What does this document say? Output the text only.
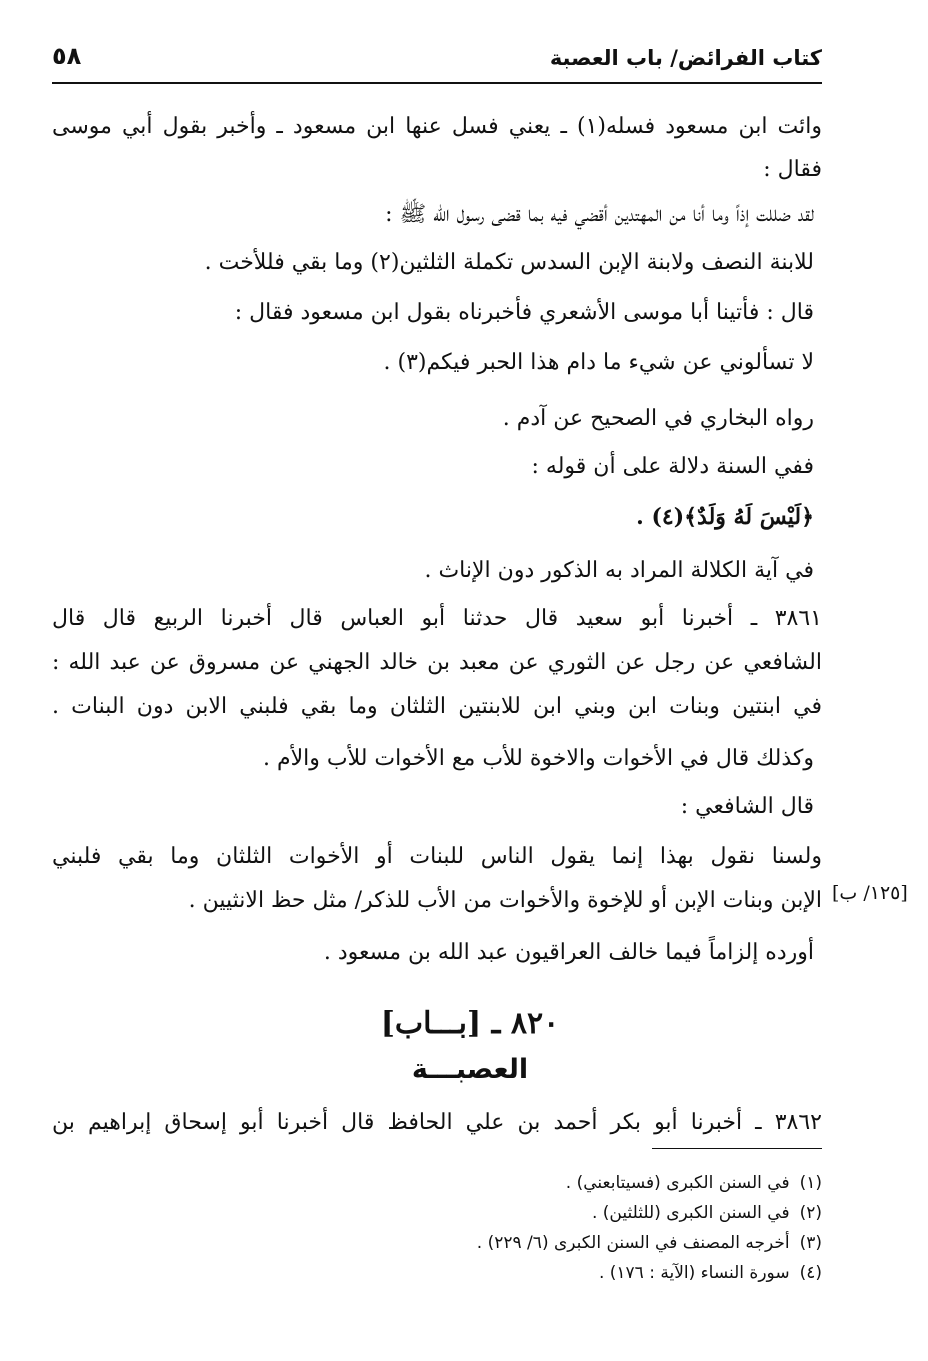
كتاب الفرائض/ باب العصبة
٥٨
وائت ابن مسعود فسله(١) ـ يعني فسل عنها ابن مسعود ـ وأخبر بقول أبي موسى
فقال :
لقد ضللت إذاً وما أنا من المهتدين أقضي فيه بما قضى رسول الله ﷺ :
للابنة النصف ولابنة الإبن السدس تكملة الثلثين(٢) وما بقي فللأخت .
قال : فأتينا أبا موسى الأشعري فأخبرناه بقول ابن مسعود فقال :
لا تسألوني عن شيء ما دام هذا الحبر فيكم(٣) .
رواه البخاري في الصحيح عن آدم .
ففي السنة دلالة على أن قوله :
﴿لَيْسَ لَهُ وَلَدٌ﴾(٤) .
في آية الكلالة المراد به الذكور دون الإناث .
٣٨٦١ ـ أخبرنا أبو سعيد قال حدثنا أبو العباس قال أخبرنا الربيع قال قال
الشافعي عن رجل عن الثوري عن معبد بن خالد الجهني عن مسروق عن عبد الله :
في ابنتين وبنات ابن وبني ابن للابنتين الثلثان وما بقي فلبني الابن دون البنات .
وكذلك قال في الأخوات والاخوة للأب مع الأخوات للأب والأم .
قال الشافعي :
ولسنا نقول بهذا إنما يقول الناس للبنات أو الأخوات الثلثان وما بقي فلبني
الإبن وبنات الإبن أو للإخوة والأخوات من الأب للذكر/ مثل حظ الانثيين .
أورده إلزاماً فيما خالف العراقيون عبد الله بن مسعود .
[١٢٥/ ب]
٨٢٠ ـ [بـــاب]
العصبـــة
٣٨٦٢ ـ أخبرنا أبو بكر أحمد بن علي الحافظ قال أخبرنا أبو إسحاق إبراهيم بن
(١)في السنن الكبرى (فسيتابعني) .
(٢)في السنن الكبرى (للثلثين) .
(٣)أخرجه المصنف في السنن الكبرى (٦/ ٢٢٩) .
(٤)سورة النساء (الآية : ١٧٦) .
